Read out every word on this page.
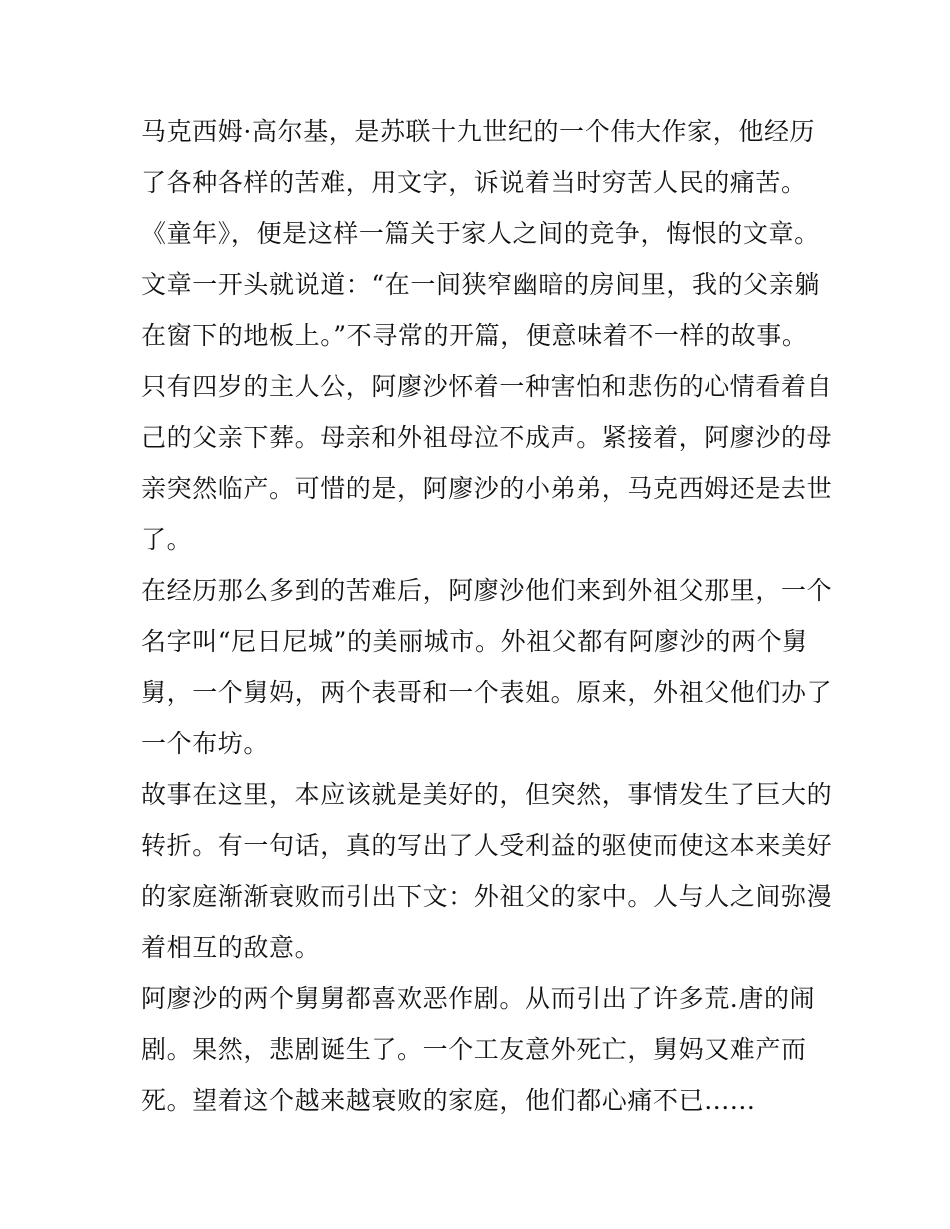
马克西姆·高尔基，是苏联十九世纪的一个伟大作家，他经历
了各种各样的苦难，用文字，诉说着当时穷苦人民的痛苦。
《童年》，便是这样一篇关于家人之间的竞争，悔恨的文章。
文章一开头就说道：“在一间狭窄幽暗的房间里，我的父亲躺
在窗下的地板上。”不寻常的开篇，便意味着不一样的故事。
只有四岁的主人公，阿廖沙怀着一种害怕和悲伤的心情看着自
己的父亲下葬。母亲和外祖母泣不成声。紧接着，阿廖沙的母
亲突然临产。可惜的是，阿廖沙的小弟弟，马克西姆还是去世
了。
在经历那么多到的苦难后，阿廖沙他们来到外祖父那里，一个
名字叫“尼日尼城”的美丽城市。外祖父都有阿廖沙的两个舅
舅，一个舅妈，两个表哥和一个表姐。原来，外祖父他们办了
一个布坊。
故事在这里，本应该就是美好的，但突然，事情发生了巨大的
转折。有一句话，真的写出了人受利益的驱使而使这本来美好
的家庭渐渐衰败而引出下文：外祖父的家中。人与人之间弥漫
着相互的敌意。
阿廖沙的两个舅舅都喜欢恶作剧。从而引出了许多荒.唐的闹
剧。果然，悲剧诞生了。一个工友意外死亡，舅妈又难产而
死。望着这个越来越衰败的家庭，他们都心痛不已......
